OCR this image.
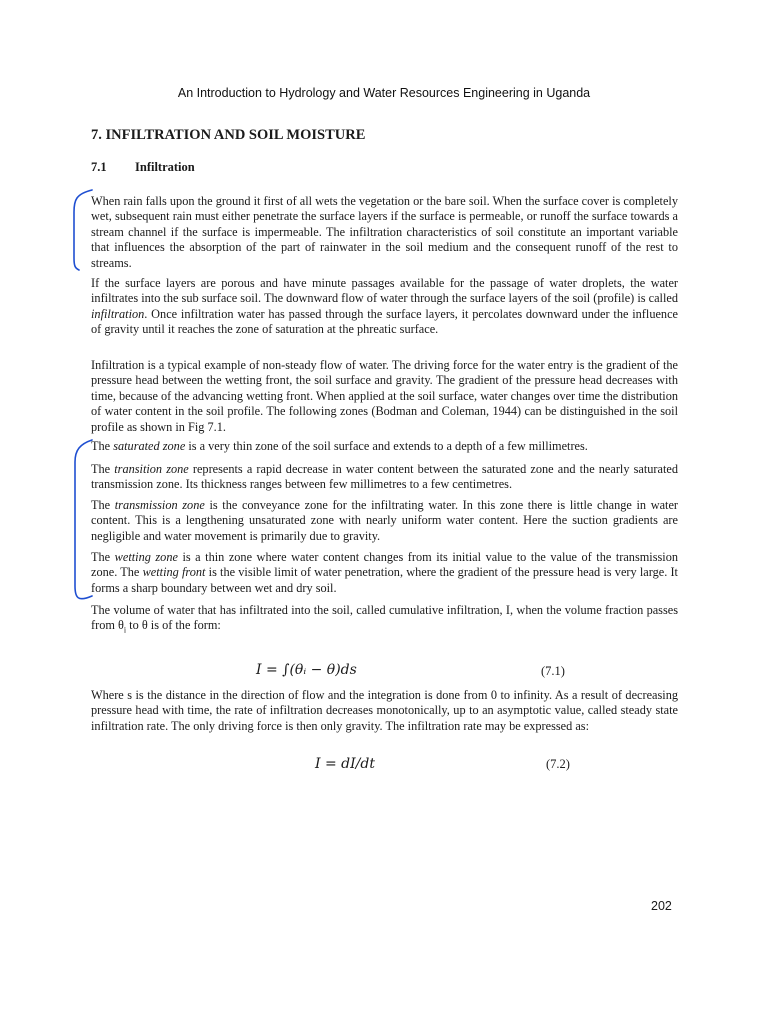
An Introduction to Hydrology and Water Resources Engineering in Uganda
7. INFILTRATION AND SOIL MOISTURE
7.1 Infiltration

When rain falls upon the ground it first of all wets the vegetation or the bare soil. When the surface cover is completely wet, subsequent rain must either penetrate the surface layers if the surface is permeable, or runoff the surface towards a stream channel if the surface is impermeable. The infiltration characteristics of soil constitute an important variable that influences the absorption of the part of rainwater in the soil medium and the consequent runoff of the rest to streams.

If the surface layers are porous and have minute passages available for the passage of water droplets, the water infiltrates into the sub surface soil. The downward flow of water through the surface layers of the soil (profile) is called infiltration. Once infiltration water has passed through the surface layers, it percolates downward under the influence of gravity until it reaches the zone of saturation at the phreatic surface.

Infiltration is a typical example of non-steady flow of water. The driving force for the water entry is the gradient of the pressure head between the wetting front, the soil surface and gravity. The gradient of the pressure head decreases with time, because of the advancing wetting front. When applied at the soil surface, water changes over time the distribution of water content in the soil profile. The following zones (Bodman and Coleman, 1944) can be distinguished in the soil profile as shown in Fig 7.1.

The saturated zone is a very thin zone of the soil surface and extends to a depth of a few millimetres.

The transition zone represents a rapid decrease in water content between the saturated zone and the nearly saturated transmission zone. Its thickness ranges between few millimetres to a few centimetres.

The transmission zone is the conveyance zone for the infiltrating water. In this zone there is little change in water content. This is a lengthening unsaturated zone with nearly uniform water content. Here the suction gradients are negligible and water movement is primarily due to gravity.

The wetting zone is a thin zone where water content changes from its initial value to the value of the transmission zone. The wetting front is the visible limit of water penetration, where the gradient of the pressure head is very large. It forms a sharp boundary between wet and dry soil.

The volume of water that has infiltrated into the soil, called cumulative infiltration, I, when the volume fraction passes from $\theta_i$ to θ is of the form:

I = ∫(θᵢ − θ)ds	(7.1)

Where s is the distance in the direction of flow and the integration is done from 0 to infinity. As a result of decreasing pressure head with time, the rate of infiltration decreases monotonically, up to an asymptotic value, called steady state infiltration rate. The only driving force is then only gravity. The infiltration rate may be expressed as:

I = dI/dt	(7.2)
202
